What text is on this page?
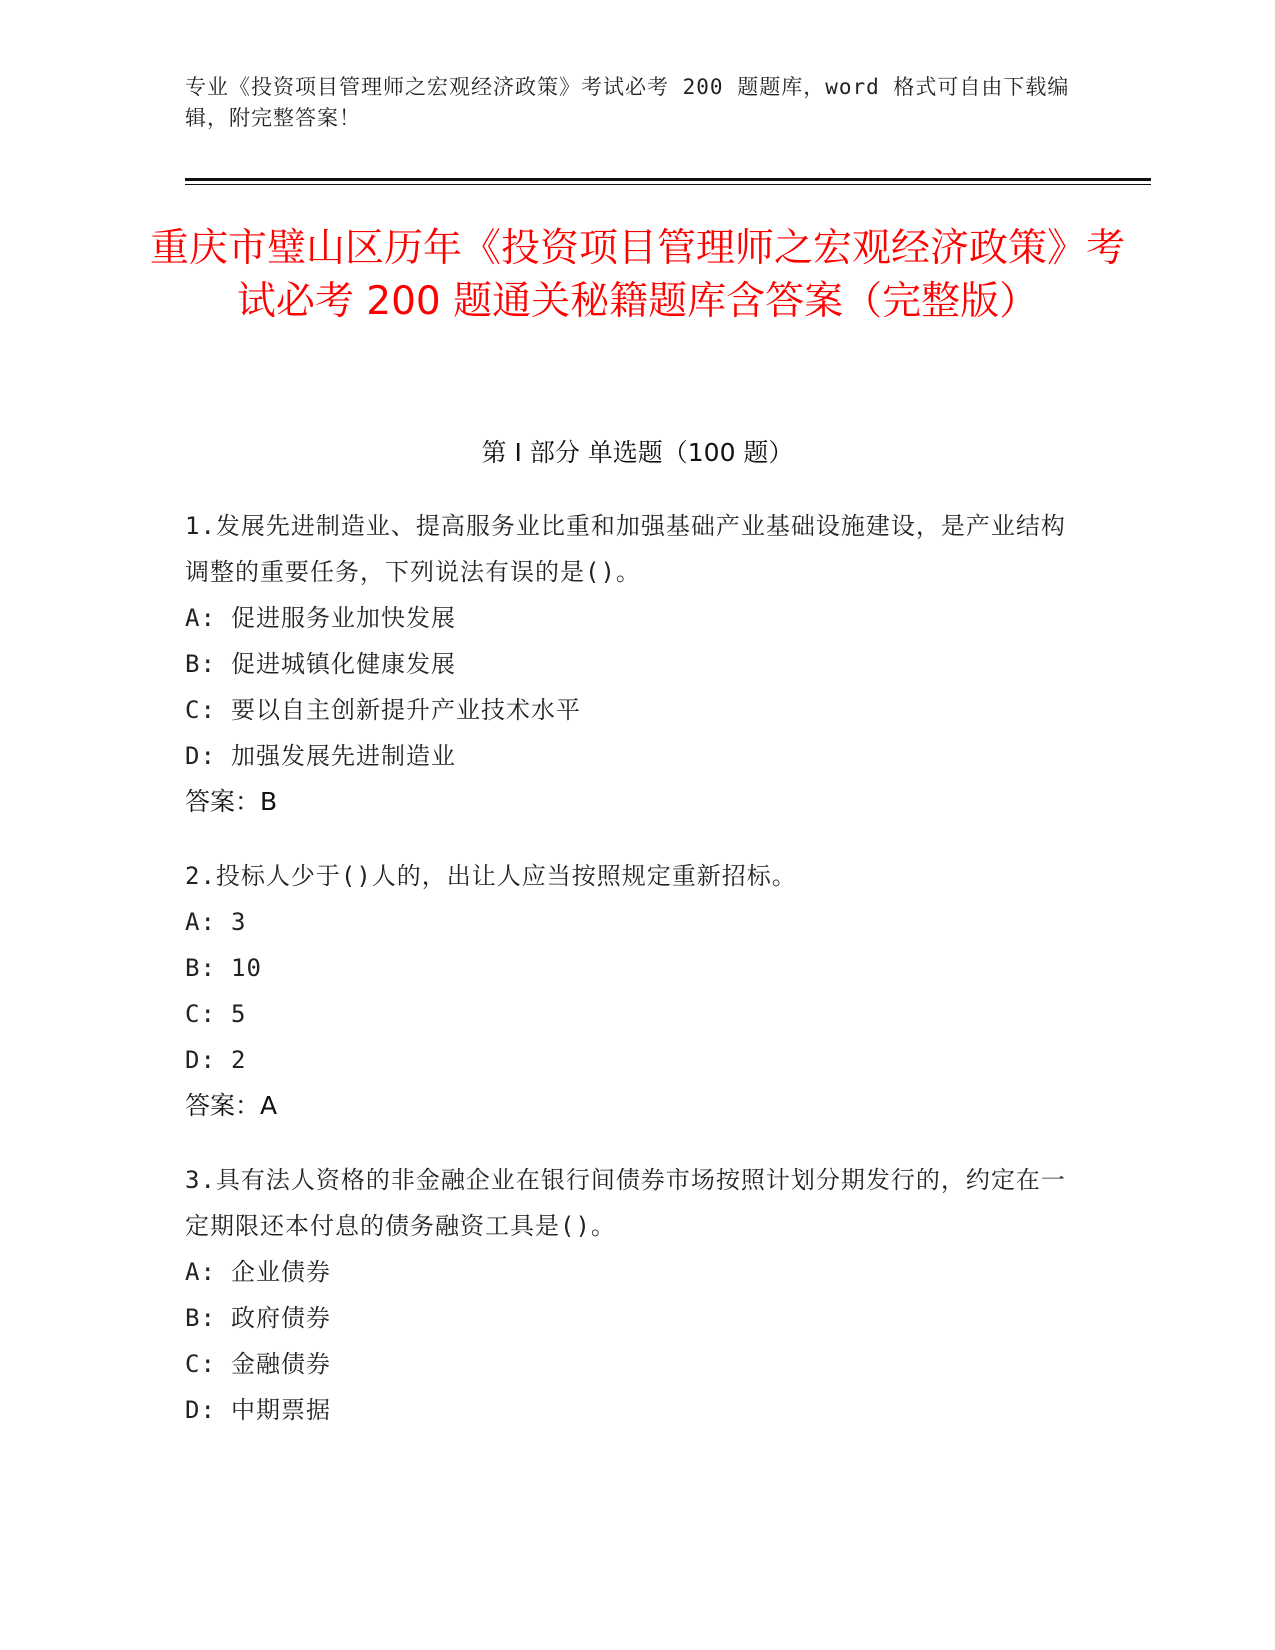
专业《投资项目管理师之宏观经济政策》考试必考 200 题题库，word 格式可自由下载编辑，附完整答案！
重庆市璧山区历年《投资项目管理师之宏观经济政策》考试必考 200 题通关秘籍题库含答案（完整版）
第 I 部分 单选题（100 题）
1.发展先进制造业、提高服务业比重和加强基础产业基础设施建设，是产业结构调整的重要任务，下列说法有误的是()。
A: 促进服务业加快发展
B: 促进城镇化健康发展
C: 要以自主创新提升产业技术水平
D: 加强发展先进制造业
答案：B
2.投标人少于()人的，出让人应当按照规定重新招标。
A: 3
B: 10
C: 5
D: 2
答案：A
3.具有法人资格的非金融企业在银行间债券市场按照计划分期发行的，约定在一定期限还本付息的债务融资工具是()。
A: 企业债券
B: 政府债券
C: 金融债券
D: 中期票据
